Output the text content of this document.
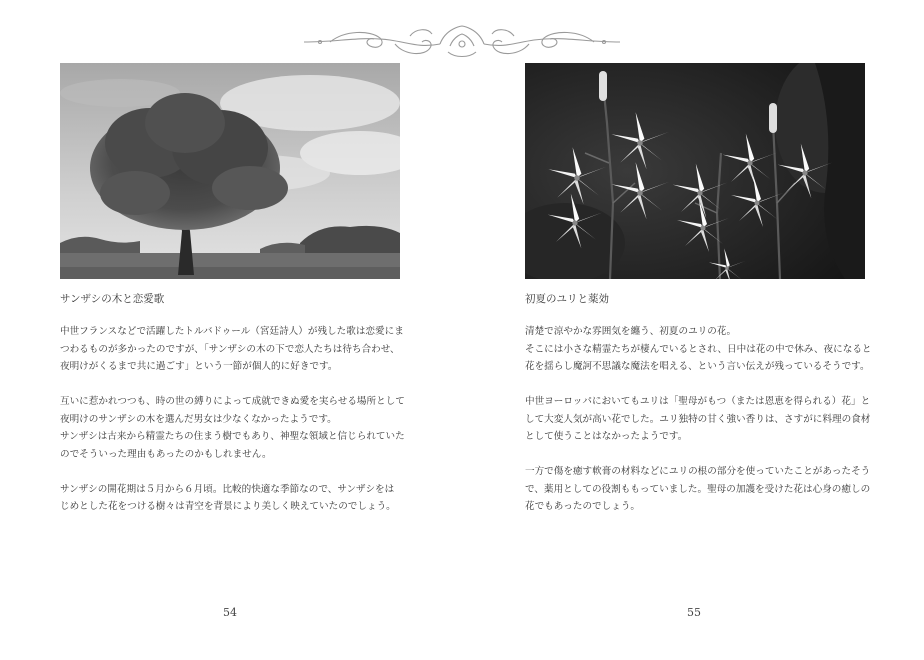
サンザシの木と恋愛歌

中世フランスなどで活躍したトルバドゥール（宮廷詩人）が残した歌は恋愛にま
つわるものが多かったのですが、「サンザシの木の下で恋人たちは待ち合わせ、
夜明けがくるまで共に過ごす」という一節が個人的に好きです。

互いに惹かれつつも、時の世の縛りによって成就できぬ愛を実らせる場所として
夜明けのサンザシの木を選んだ男女は少なくなかったようです。
サンザシは古来から精霊たちの住まう樹でもあり、神聖な領域と信じられていた
のでそういった理由もあったのかもしれません。

サンザシの開花期は５月から６月頃。比較的快適な季節なので、サンザシをは
じめとした花をつける樹々は青空を背景により美しく映えていたのでしょう。

54
初夏のユリと薬効

清楚で涼やかな雰囲気を纏う、初夏のユリの花。
そこには小さな精霊たちが棲んでいるとされ、日中は花の中で休み、夜になると
花を揺らし魔訶不思議な魔法を唱える、という言い伝えが残っているそうです。

中世ヨーロッパにおいてもユリは「聖母がもつ（または恩恵を得られる）花」と
して大変人気が高い花でした。ユリ独特の甘く強い香りは、さすがに料理の食材
として使うことはなかったようです。

一方で傷を癒す軟膏の材料などにユリの根の部分を使っていたことがあったそう
で、薬用としての役割ももっていました。聖母の加護を受けた花は心身の癒しの
花でもあったのでしょう。

55
